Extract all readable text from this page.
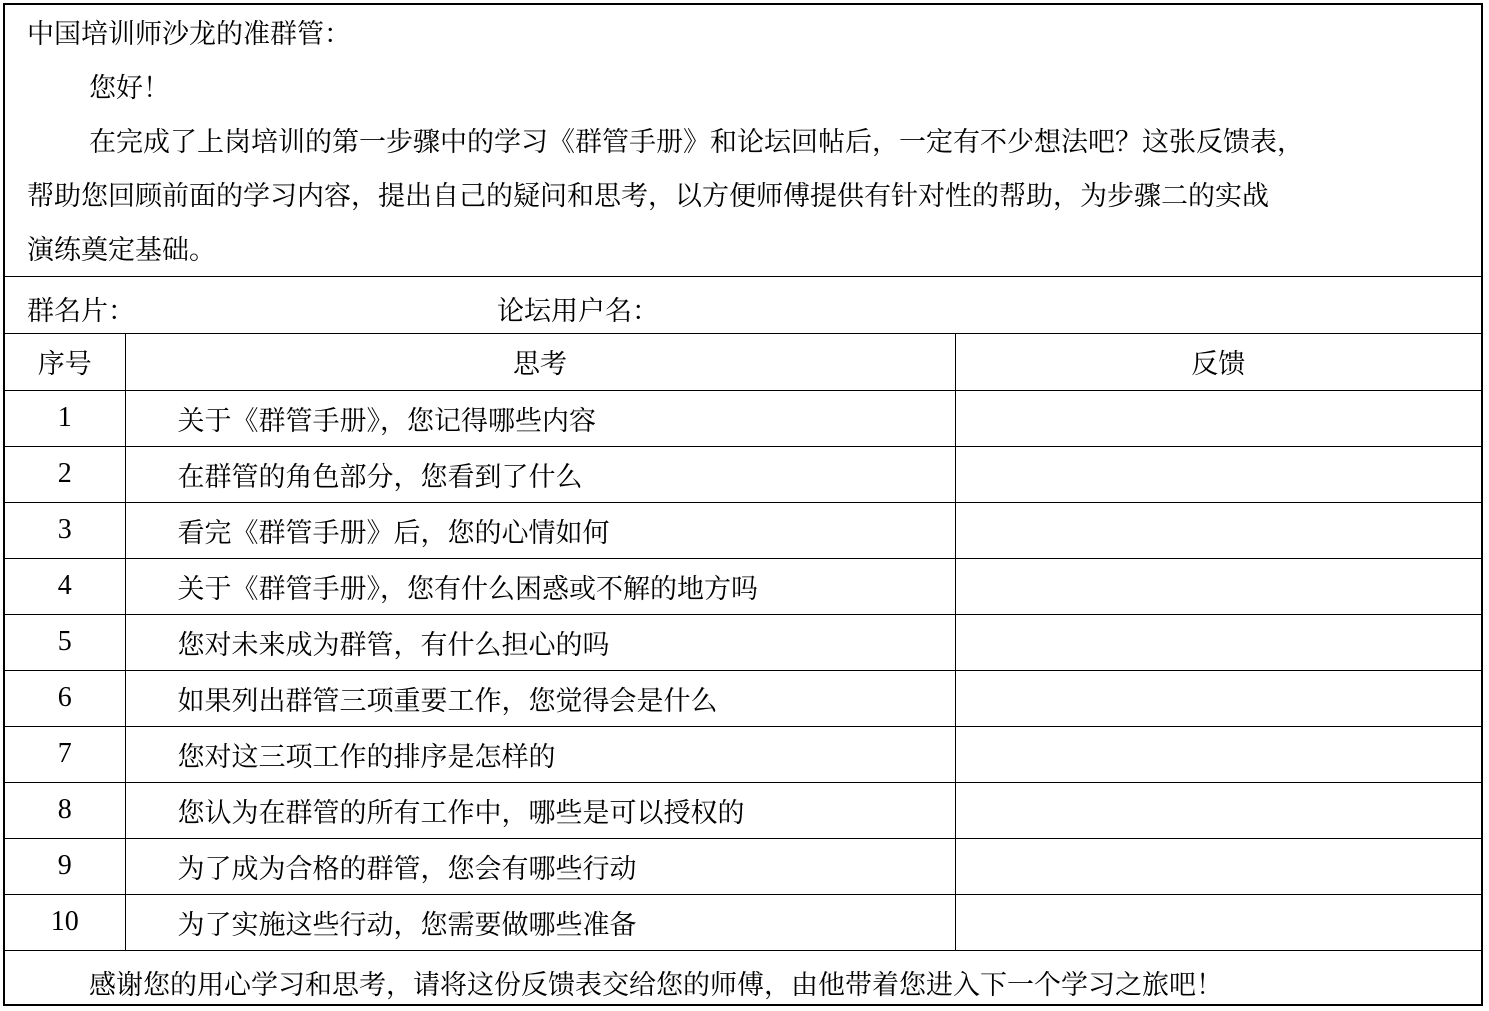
中国培训师沙龙的准群管：
您好！
在完成了上岗培训的第一步骤中的学习《群管手册》和论坛回帖后，一定有不少想法吧？这张反馈表，
帮助您回顾前面的学习内容，提出自己的疑问和思考，以方便师傅提供有针对性的帮助，为步骤二的实战
演练奠定基础。
群名片：	论坛用户名：
序号	思考	反馈
1	关于《群管手册》，您记得哪些内容	
2	在群管的角色部分，您看到了什么	
3	看完《群管手册》后，您的心情如何	
4	关于《群管手册》，您有什么困惑或不解的地方吗	
5	您对未来成为群管，有什么担心的吗	
6	如果列出群管三项重要工作，您觉得会是什么	
7	您对这三项工作的排序是怎样的	
8	您认为在群管的所有工作中，哪些是可以授权的	
9	为了成为合格的群管，您会有哪些行动	
10	为了实施这些行动，您需要做哪些准备	
感谢您的用心学习和思考，请将这份反馈表交给您的师傅，由他带着您进入下一个学习之旅吧！
